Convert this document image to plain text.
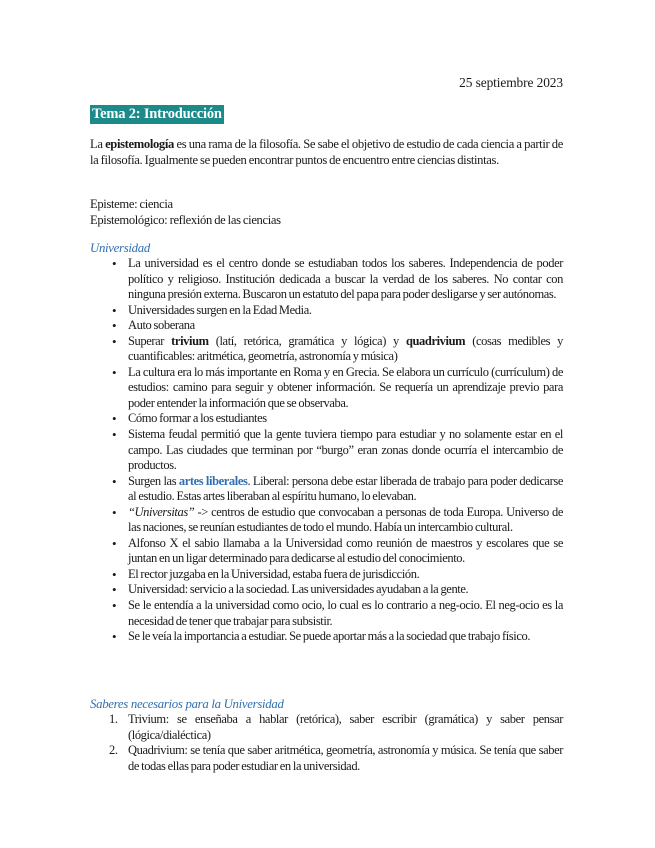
25 septiembre 2023
Tema 2: Introducción
La epistemología es una rama de la filosofía. Se sabe el objetivo de estudio de cada ciencia a partir de la filosofía. Igualmente se pueden encontrar puntos de encuentro entre ciencias distintas.
Episteme: ciencia
Epistemológico: reflexión de las ciencias
Universidad
• La universidad es el centro donde se estudiaban todos los saberes. Independencia de poder político y religioso. Institución dedicada a buscar la verdad de los saberes. No contar con ninguna presión externa. Buscaron un estatuto del papa para poder desligarse y ser autónomas.
• Universidades surgen en la Edad Media.
• Auto soberana
• Superar trivium (latí, retórica, gramática y lógica) y quadrivium (cosas medibles y cuantificables: aritmética, geometría, astronomía y música)
• La cultura era lo más importante en Roma y en Grecia. Se elabora un currículo (currículum) de estudios: camino para seguir y obtener información. Se requería un aprendizaje previo para poder entender la información que se observaba.
• Cómo formar a los estudiantes
• Sistema feudal permitió que la gente tuviera tiempo para estudiar y no solamente estar en el campo. Las ciudades que terminan por “burgo” eran zonas donde ocurría el intercambio de productos.
• Surgen las artes liberales. Liberal: persona debe estar liberada de trabajo para poder dedicarse al estudio. Estas artes liberaban al espíritu humano, lo elevaban.
• “Universitas” -> centros de estudio que convocaban a personas de toda Europa. Universo de las naciones, se reunían estudiantes de todo el mundo. Había un intercambio cultural.
• Alfonso X el sabio llamaba a la Universidad como reunión de maestros y escolares que se juntan en un ligar determinado para dedicarse al estudio del conocimiento.
• El rector juzgaba en la Universidad, estaba fuera de jurisdicción.
• Universidad: servicio a la sociedad. Las universidades ayudaban a la gente.
• Se le entendía a la universidad como ocio, lo cual es lo contrario a neg-ocio. El neg-ocio es la necesidad de tener que trabajar para subsistir.
• Se le veía la importancia a estudiar. Se puede aportar más a la sociedad que trabajo físico.
Saberes necesarios para la Universidad
1. Trivium: se enseñaba a hablar (retórica), saber escribir (gramática) y saber pensar (lógica/dialéctica)
2. Quadrivium: se tenía que saber aritmética, geometría, astronomía y música. Se tenía que saber de todas ellas para poder estudiar en la universidad.
